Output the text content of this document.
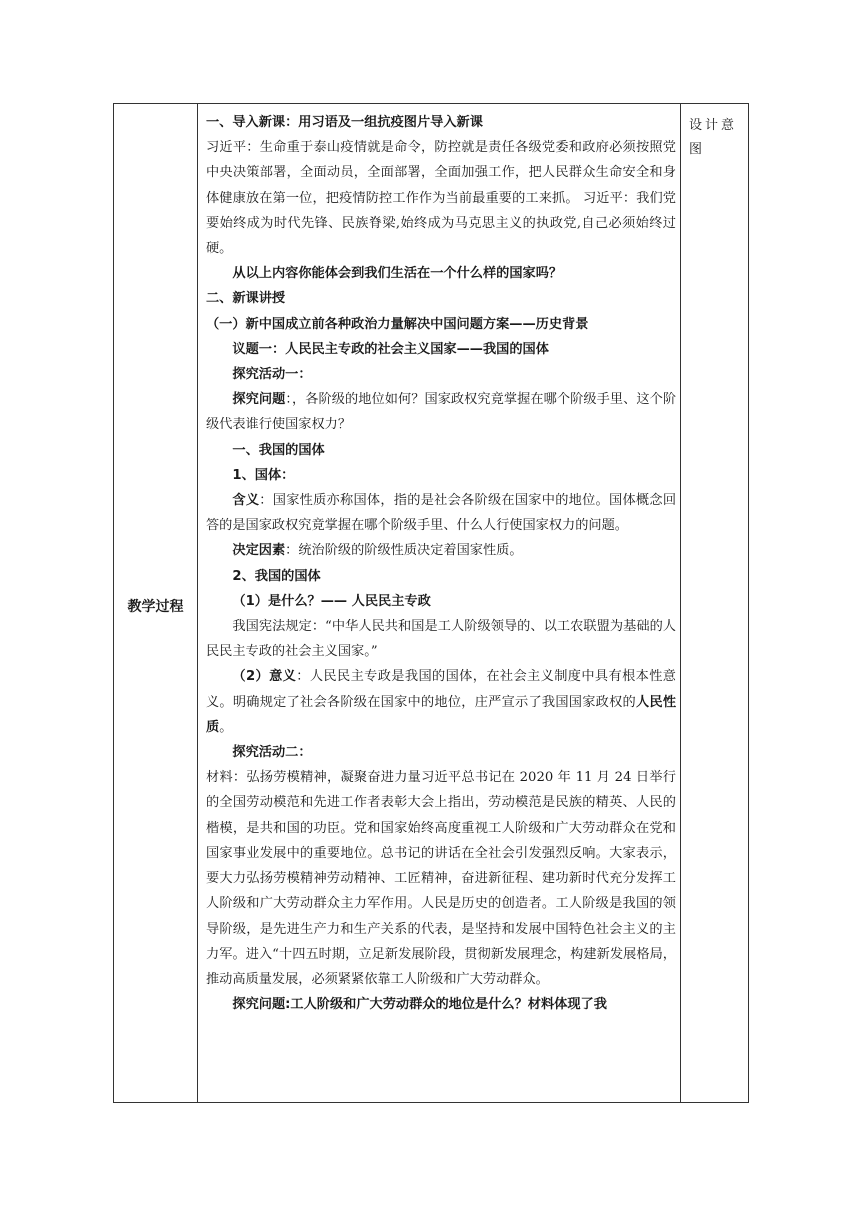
教学过程
设计意图

一、导入新课：用习语及一组抗疫图片导入新课

习近平：生命重于泰山疫情就是命令，防控就是责任各级党委和政府必须按照党中央决策部署，全面动员，全面部署，全面加强工作，把人民群众生命安全和身体健康放在第一位，把疫情防控工作作为当前最重要的工来抓。 习近平：我们党要始终成为时代先锋、民族脊梁,始终成为马克思主义的执政党,自己必须始终过硬。

从以上内容你能体会到我们生活在一个什么样的国家吗？

二、新课讲授

（一）新中国成立前各种政治力量解决中国问题方案——历史背景

议题一：人民民主专政的社会主义国家——我国的国体

探究活动一：

探究问题：，各阶级的地位如何？国家政权究竟掌握在哪个阶级手里、这个阶级代表谁行使国家权力？

一、我国的国体

1、国体：

含义：国家性质亦称国体，指的是社会各阶级在国家中的地位。国体概念回答的是国家政权究竟掌握在哪个阶级手里、什么人行使国家权力的问题。

决定因素：统治阶级的阶级性质决定着国家性质。

2、我国的国体

（1）是什么？—— 人民民主专政

我国宪法规定：“中华人民共和国是工人阶级领导的、以工农联盟为基础的人民民主专政的社会主义国家。”

（2）意义：人民民主专政是我国的国体，在社会主义制度中具有根本性意义。明确规定了社会各阶级在国家中的地位，庄严宣示了我国国家政权的人民性质。

探究活动二：

材料：弘扬劳模精神，凝聚奋进力量习近平总书记在 2020 年 11 月 24 日举行的全国劳动模范和先进工作者表彰大会上指出，劳动模范是民族的精英、人民的楷模，是共和国的功臣。党和国家始终高度重视工人阶级和广大劳动群众在党和国家事业发展中的重要地位。总书记的讲话在全社会引发强烈反响。大家表示，要大力弘扬劳模精神劳动精神、工匠精神，奋进新征程、建功新时代充分发挥工人阶级和广大劳动群众主力军作用。人民是历史的创造者。工人阶级是我国的领导阶级，是先进生产力和生产关系的代表，是坚持和发展中国特色社会主义的主力军。进入“十四五时期，立足新发展阶段，贯彻新发展理念，构建新发展格局，推动高质量发展，必须紧紧依靠工人阶级和广大劳动群众。

探究问题:工人阶级和广大劳动群众的地位是什么？材料体现了我
